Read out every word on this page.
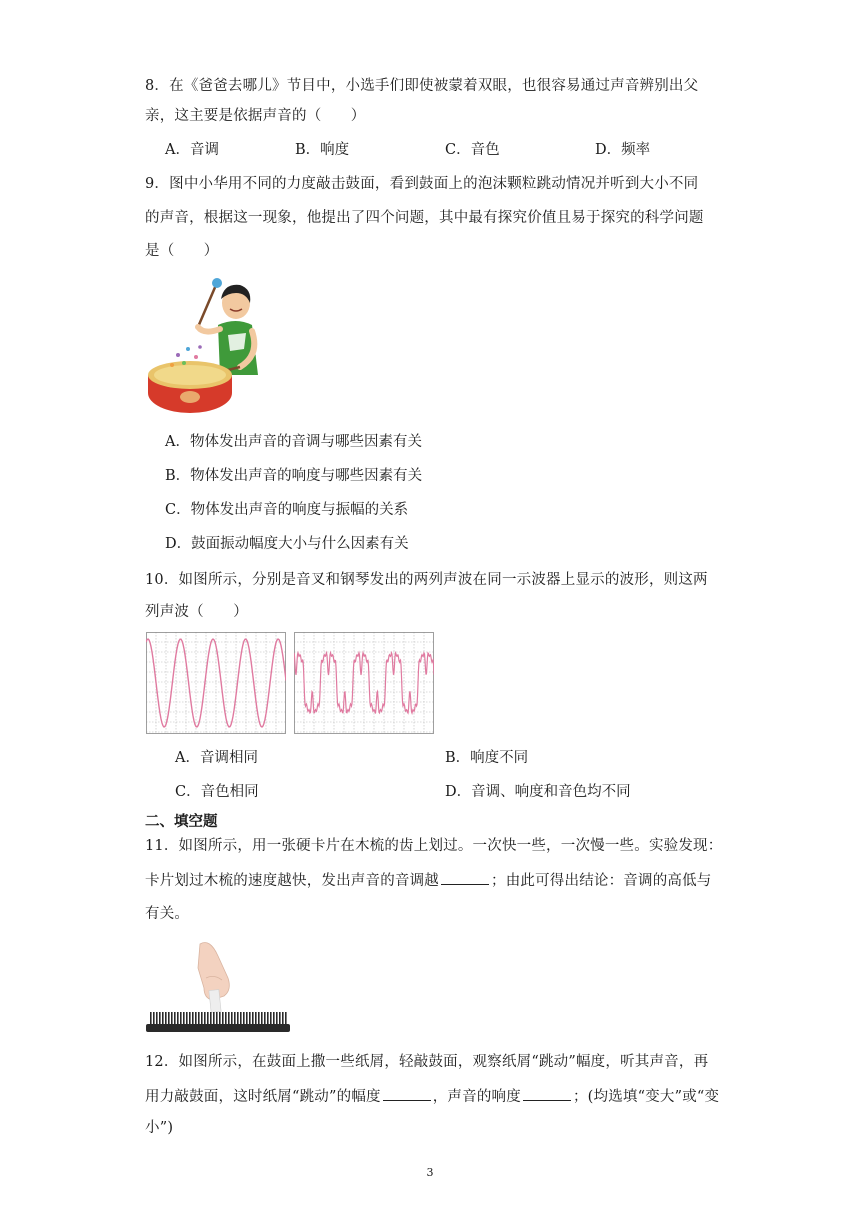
8．在《爸爸去哪儿》节目中，小选手们即使被蒙着双眼，也很容易通过声音辨别出父
亲，这主要是依据声音的（　　）
A．音调	B．响度	C．音色	D．频率
9．图中小华用不同的力度敲击鼓面，看到鼓面上的泡沫颗粒跳动情况并听到大小不同
的声音，根据这一现象，他提出了四个问题，其中最有探究价值且易于探究的科学问题
是（　　）
A．物体发出声音的音调与哪些因素有关
B．物体发出声音的响度与哪些因素有关
C．物体发出声音的响度与振幅的关系
D．鼓面振动幅度大小与什么因素有关
10．如图所示，分别是音叉和钢琴发出的两列声波在同一示波器上显示的波形，则这两
列声波（　　）
A．音调相同	B．响度不同
C．音色相同	D．音调、响度和音色均不同
二、填空题
11．如图所示，用一张硬卡片在木梳的齿上划过。一次快一些，一次慢一些。实验发现：
卡片划过木梳的速度越快，发出声音的音调越	；由此可得出结论：音调的高低与
有关。
12．如图所示，在鼓面上撒一些纸屑，轻敲鼓面，观察纸屑“跳动”幅度，听其声音，再
用力敲鼓面，这时纸屑“跳动”的幅度	，声音的响度	；(均选填“变大”或“变
小”)
3
